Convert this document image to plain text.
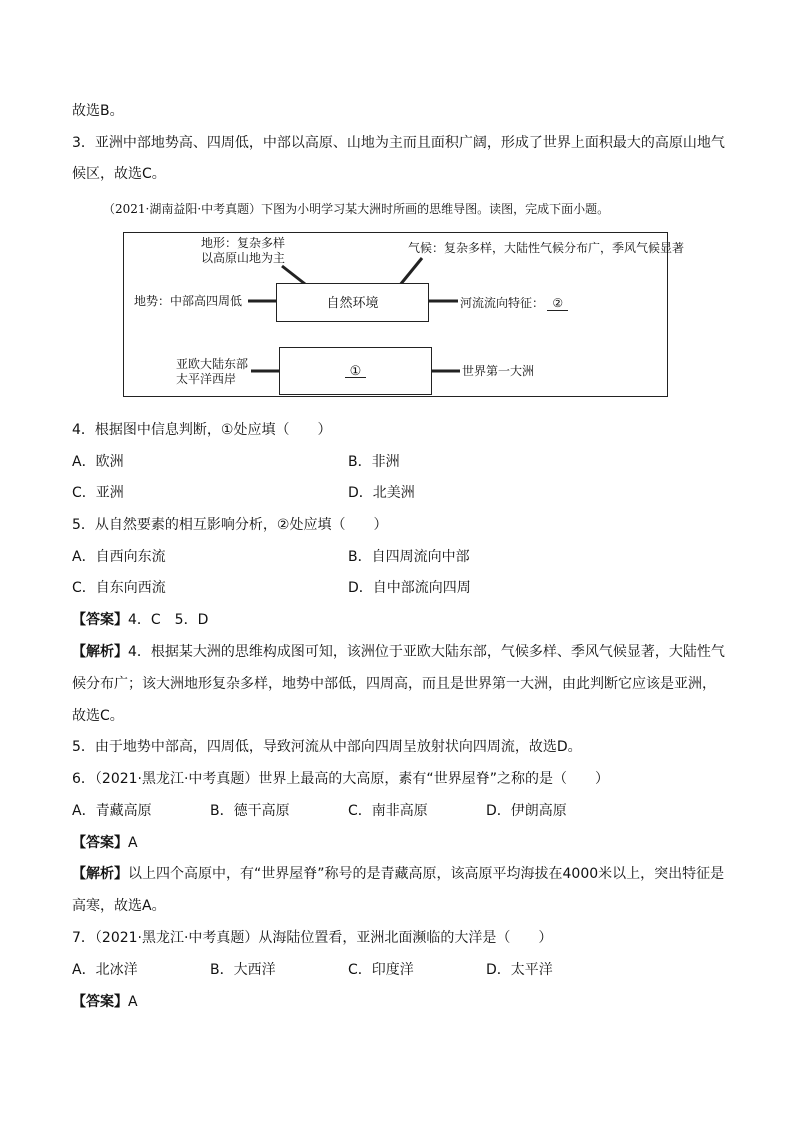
故选B。
3．亚洲中部地势高、四周低，中部以高原、山地为主而且面积广阔，形成了世界上面积最大的高原山地气
候区，故选C。
（2021·湖南益阳·中考真题）下图为小明学习某大洲时所画的思维导图。读图，完成下面小题。
地形：复杂多样
以高原山地为主
气候：复杂多样，大陆性气候分布广，季风气候显著
地势：中部高四周低	自然环境	河流流向特征： ②
亚欧大陆东部
太平洋西岸
①	世界第一大洲
4．根据图中信息判断，①处应填（　　）
A．欧洲	B．非洲
C．亚洲	D．北美洲
5．从自然要素的相互影响分析，②处应填（　　）
A．自西向东流	B．自四周流向中部
C．自东向西流	D．自中部流向四周
【答案】4．C　5．D
【解析】4．根据某大洲的思维构成图可知，该洲位于亚欧大陆东部，气候多样、季风气候显著，大陆性气
候分布广；该大洲地形复杂多样，地势中部低，四周高，而且是世界第一大洲，由此判断它应该是亚洲，
故选C。
5．由于地势中部高，四周低，导致河流从中部向四周呈放射状向四周流，故选D。
6．（2021·黑龙江·中考真题）世界上最高的大高原，素有“世界屋脊”之称的是（　　）
A．青藏高原	B．德干高原	C．南非高原	D．伊朗高原
【答案】A
【解析】以上四个高原中，有“世界屋脊”称号的是青藏高原，该高原平均海拔在4000米以上，突出特征是
高寒，故选A。
7．（2021·黑龙江·中考真题）从海陆位置看，亚洲北面濒临的大洋是（　　）
A．北冰洋	B．大西洋	C．印度洋	D．太平洋
【答案】A
